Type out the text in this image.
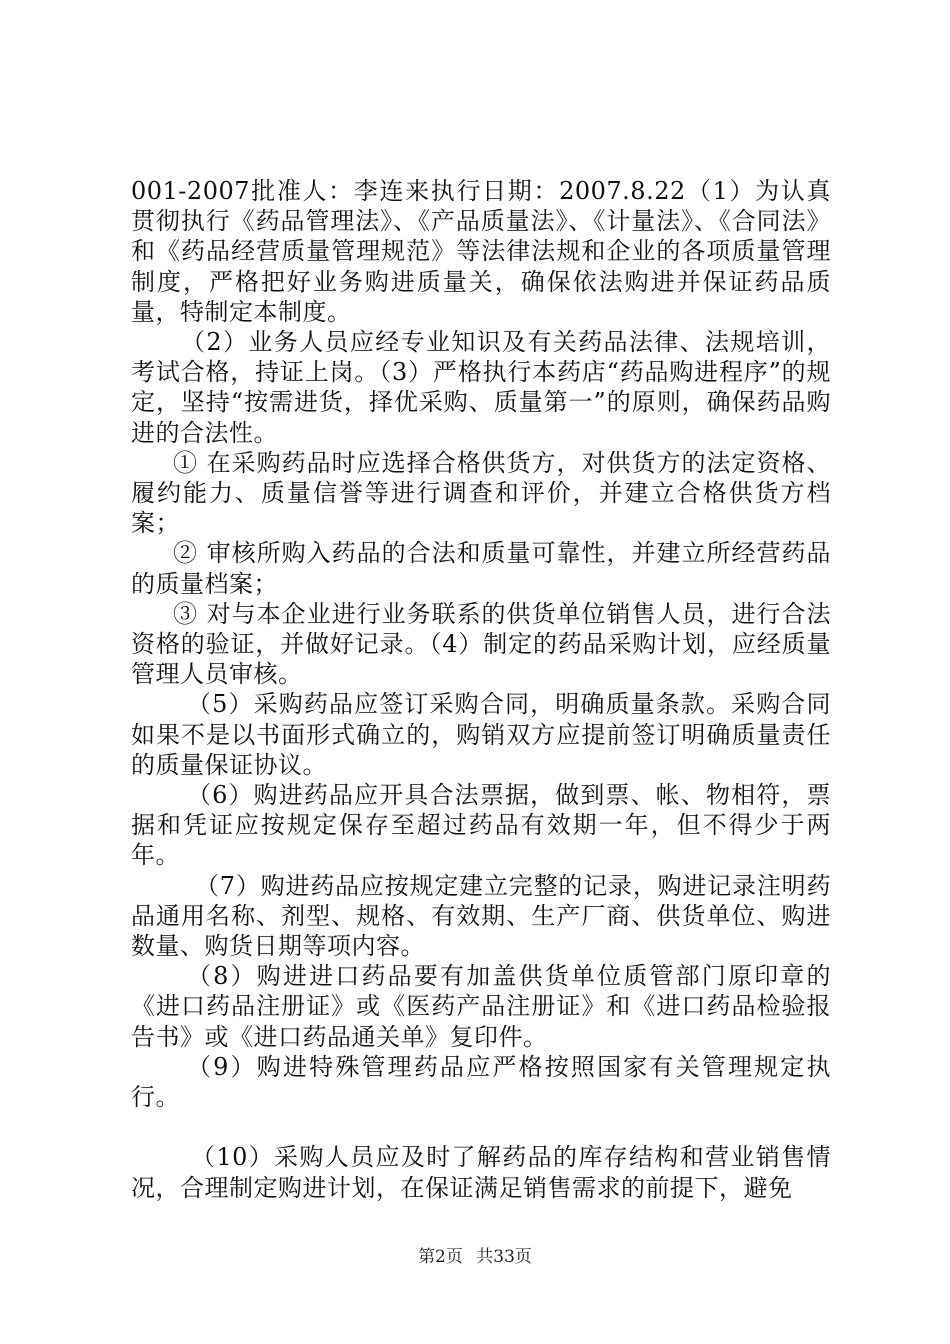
001-2007批准人：李连来执行日期：2007.8.22（1）为认真贯彻执行《药品管理法》、《产品质量法》、《计量法》、《合同法》和《药品经营质量管理规范》等法律法规和企业的各项质量管理制度，严格把好业务购进质量关，确保依法购进并保证药品质量，特制定本制度。

（2）业务人员应经专业知识及有关药品法律、法规培训，考试合格，持证上岗。（3）严格执行本药店“药品购进程序”的规定，坚持“按需进货，择优采购、质量第一”的原则，确保药品购进的合法性。

① 在采购药品时应选择合格供货方，对供货方的法定资格、履约能力、质量信誉等进行调查和评价，并建立合格供货方档案；

② 审核所购入药品的合法和质量可靠性，并建立所经营药品的质量档案；

③ 对与本企业进行业务联系的供货单位销售人员，进行合法资格的验证，并做好记录。（4）制定的药品采购计划，应经质量管理人员审核。

（5）采购药品应签订采购合同，明确质量条款。采购合同如果不是以书面形式确立的，购销双方应提前签订明确质量责任的质量保证协议。

（6）购进药品应开具合法票据，做到票、帐、物相符，票据和凭证应按规定保存至超过药品有效期一年，但不得少于两年。

（7）购进药品应按规定建立完整的记录，购进记录注明药品通用名称、剂型、规格、有效期、生产厂商、供货单位、购进数量、购货日期等项内容。

（8）购进进口药品要有加盖供货单位质管部门原印章的《进口药品注册证》或《医药产品注册证》和《进口药品检验报告书》或《进口药品通关单》复印件。

（9）购进特殊管理药品应严格按照国家有关管理规定执行。

（10）采购人员应及时了解药品的库存结构和营业销售情况，合理制定购进计划，在保证满足销售需求的前提下，避免

第2页 共33页
